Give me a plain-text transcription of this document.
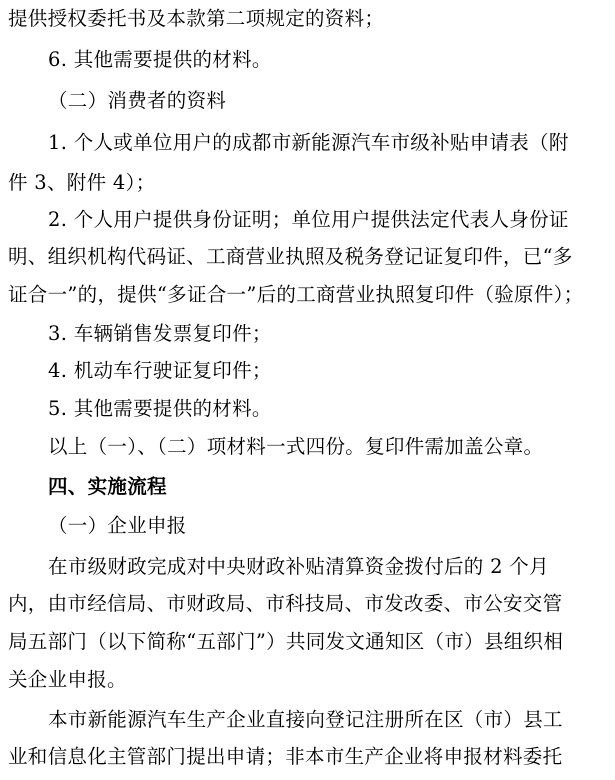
提供授权委托书及本款第二项规定的资料；
6. 其他需要提供的材料。
（二）消费者的资料
1. 个人或单位用户的成都市新能源汽车市级补贴申请表（附
件 3、附件 4）；
2. 个人用户提供身份证明；单位用户提供法定代表人身份证
明、组织机构代码证、工商营业执照及税务登记证复印件，已“多
证合一”的，提供“多证合一”后的工商营业执照复印件（验原件）；
3. 车辆销售发票复印件；
4. 机动车行驶证复印件；
5. 其他需要提供的材料。
以上（一）、（二）项材料一式四份。复印件需加盖公章。
四、实施流程
（一）企业申报
在市级财政完成对中央财政补贴清算资金拨付后的 2 个月
内，由市经信局、市财政局、市科技局、市发改委、市公安交管
局五部门（以下简称“五部门”）共同发文通知区（市）县组织相
关企业申报。
本市新能源汽车生产企业直接向登记注册所在区（市）县工
业和信息化主管部门提出申请；非本市生产企业将申报材料委托
